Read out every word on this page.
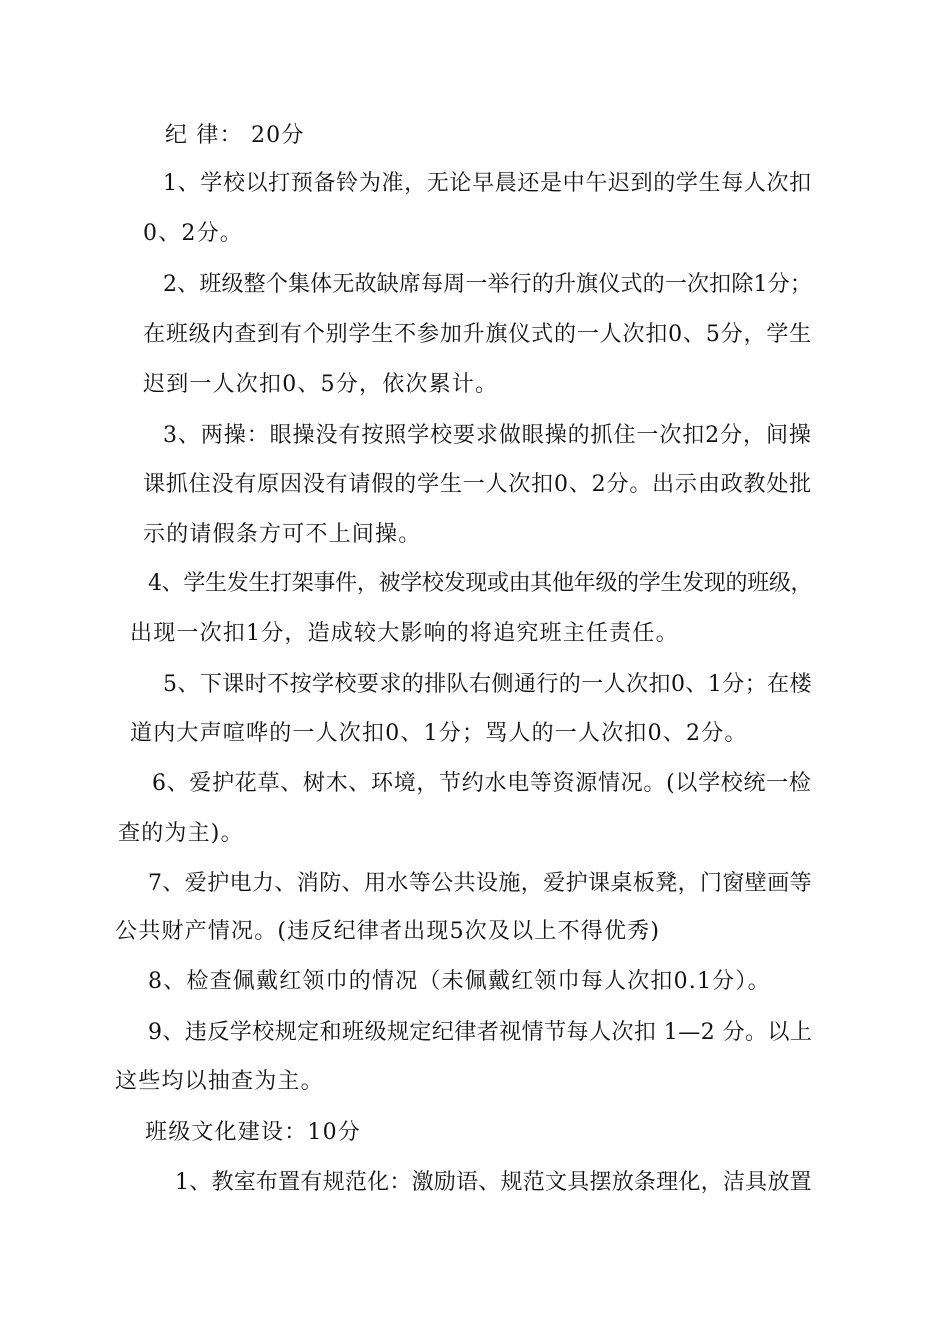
纪 律： 20分
1、学校以打预备铃为准，无论早晨还是中午迟到的学生每人次扣
0、2分。
2、班级整个集体无故缺席每周一举行的升旗仪式的一次扣除1分；
在班级内查到有个别学生不参加升旗仪式的一人次扣0、5分，学生
迟到一人次扣0、5分，依次累计。
3、两操：眼操没有按照学校要求做眼操的抓住一次扣2分，间操
课抓住没有原因没有请假的学生一人次扣0、2分。出示由政教处批
示的请假条方可不上间操。
4、学生发生打架事件，被学校发现或由其他年级的学生发现的班级，
出现一次扣1分，造成较大影响的将追究班主任责任。
5、下课时不按学校要求的排队右侧通行的一人次扣0、1分；在楼
道内大声喧哗的一人次扣0、1分；骂人的一人次扣0、2分。
6、爱护花草、树木、环境，节约水电等资源情况。(以学校统一检
查的为主)。
7、爱护电力、消防、用水等公共设施，爱护课桌板凳，门窗壁画等
公共财产情况。(违反纪律者出现5次及以上不得优秀)
8、检查佩戴红领巾的情况（未佩戴红领巾每人次扣0.1分）。
9、违反学校规定和班级规定纪律者视情节每人次扣 1—2 分。以上
这些均以抽查为主。
班级文化建设：10分
1、教室布置有规范化：激励语、规范文具摆放条理化，洁具放置
